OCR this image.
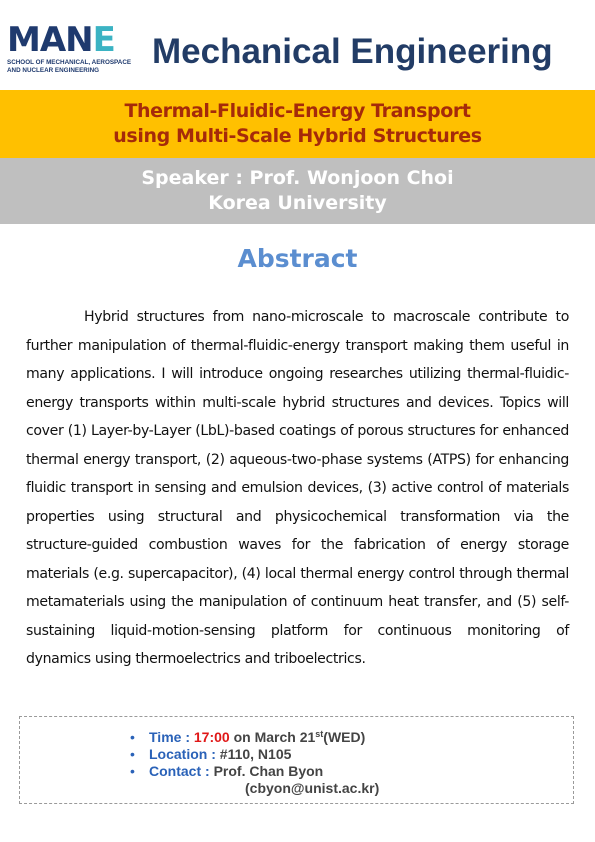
MANE
SCHOOL OF MECHANICAL, AEROSPACE
AND NUCLEAR ENGINEERING	Mechanical Engineering
Thermal-Fluidic-Energy Transport
using Multi-Scale Hybrid Structures
Speaker : Prof. Wonjoon Choi
Korea University
Abstract

Hybrid structures from nano-microscale to macroscale contribute to further manipulation of thermal-fluidic-energy transport making them useful in many applications. I will introduce ongoing researches utilizing thermal-fluidic-energy transports within multi-scale hybrid structures and devices. Topics will cover (1) Layer-by-Layer (LbL)-based coatings of porous structures for enhanced thermal energy transport, (2) aqueous-two-phase systems (ATPS) for enhancing fluidic transport in sensing and emulsion devices, (3) active control of materials properties using structural and physicochemical transformation via the structure-guided combustion waves for the fabrication of energy storage materials (e.g. supercapacitor), (4) local thermal energy control through thermal metamaterials using the manipulation of continuum heat transfer, and (5) self-sustaining liquid-motion-sensing platform for continuous monitoring of dynamics using thermoelectrics and triboelectrics.

• Time : 17:00 on March 21st(WED)
• Location : #110, N105
• Contact : Prof. Chan Byon
(cbyon@unist.ac.kr)
